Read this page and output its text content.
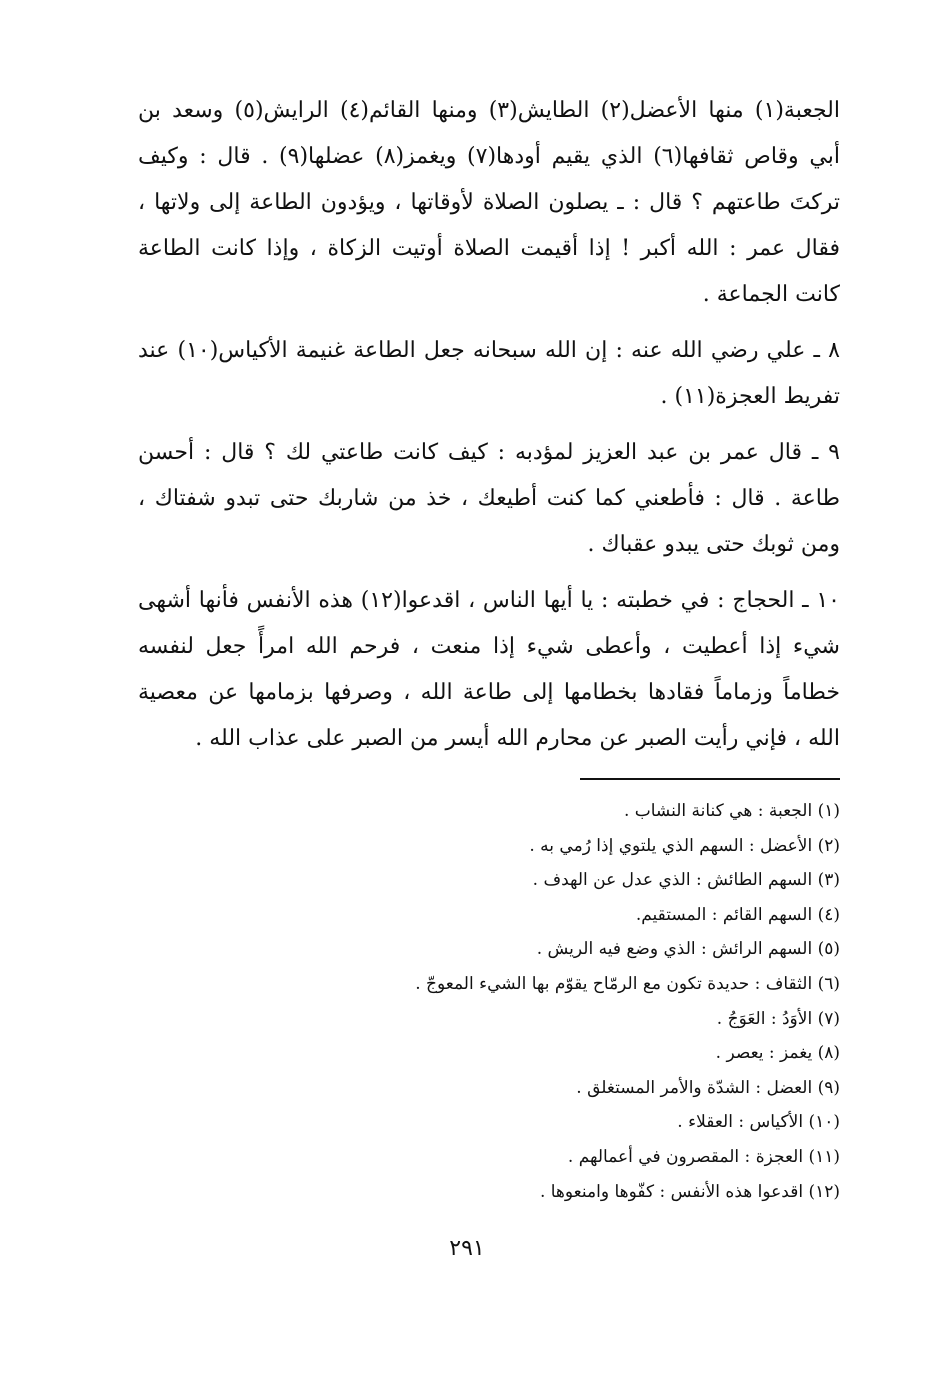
الجعبة(١) منها الأعضل(٢) الطايش(٣) ومنها القائم(٤) الرايش(٥) وسعد بن أبي وقاص ثقافها(٦) الذي يقيم أودها(٧) ويغمز(٨) عضلها(٩) . قال : وكيف تركتَ طاعتهم ؟ قال : ـ يصلون الصلاة لأوقاتها ، ويؤدون الطاعة إلى ولاتها ، فقال عمر : الله أكبر ! إذا أقيمت الصلاة أوتيت الزكاة ، وإذا كانت الطاعة كانت الجماعة .

٨ ـ علي رضي الله عنه : إن الله سبحانه جعل الطاعة غنيمة الأكياس(١٠) عند تفريط العجزة(١١) .

٩ ـ قال عمر بن عبد العزيز لمؤدبه : كيف كانت طاعتي لك ؟ قال : أحسن طاعة . قال : فأطعني كما كنت أطيعك ، خذ من شاربك حتى تبدو شفتاك ، ومن ثوبك حتى يبدو عقباك .

١٠ ـ الحجاج : في خطبته : يا أيها الناس ، اقدعوا(١٢) هذه الأنفس فأنها أشهى شيء إذا أعطيت ، وأعطى شيء إذا منعت ، فرحم الله امرأً جعل لنفسه خطاماً وزماماً فقادها بخطامها إلى طاعة الله ، وصرفها بزمامها عن معصية الله ، فإني رأيت الصبر عن محارم الله أيسر من الصبر على عذاب الله .

(١) الجعبة : هي كنانة النشاب .
(٢) الأعضل : السهم الذي يلتوي إذا رُمي به .
(٣) السهم الطائش : الذي عدل عن الهدف .
(٤) السهم القائم : المستقيم.
(٥) السهم الرائش : الذي وضع فيه الريش .
(٦) الثقاف : حديدة تكون مع الرمّاح يقوّم بها الشيء المعوجّ .
(٧) الأوَدُ : العَوَجُ .
(٨) يغمز : يعصر .
(٩) العضل : الشدّة والأمر المستغلق .
(١٠) الأكياس : العقلاء .
(١١) العجزة : المقصرون في أعمالهم .
(١٢) اقدعوا هذه الأنفس : كفّوها وامنعوها .
٢٩١
